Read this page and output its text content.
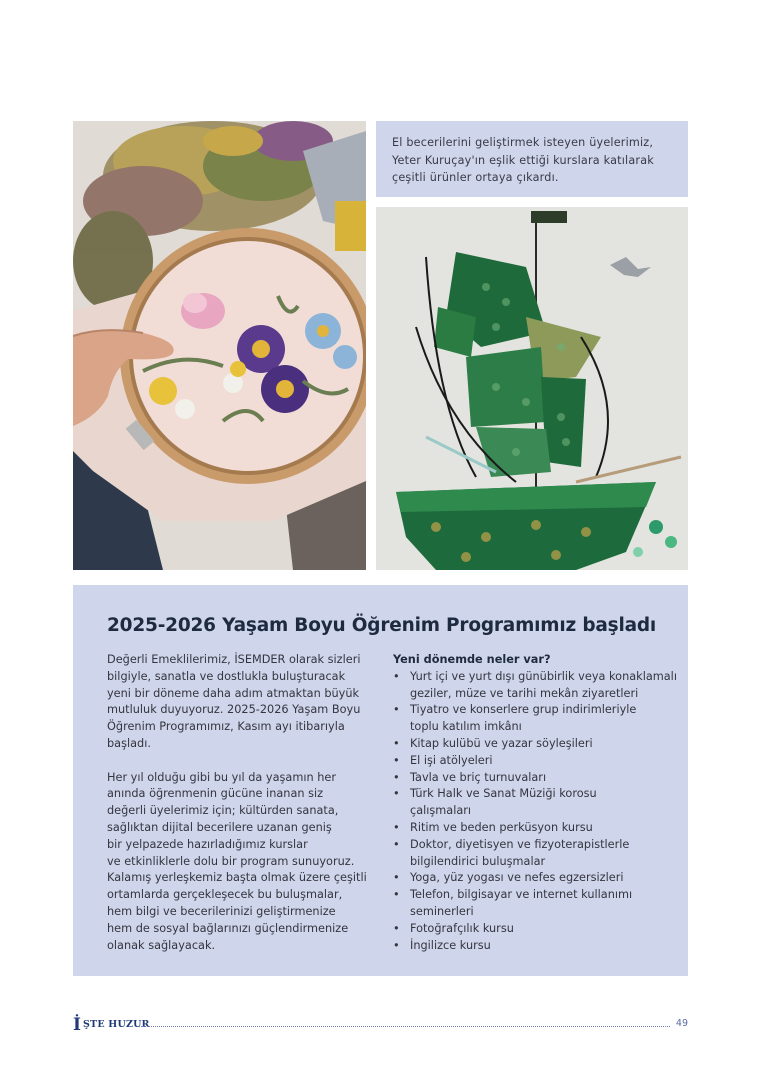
El becerilerini geliştirmek isteyen üyelerimiz, Yeter Kuruçay'ın eşlik ettiği kurslara katılarak çeşitli ürünler ortaya çıkardı.
2025-2026 Yaşam Boyu Öğrenim Programımız başladı

Değerli Emeklilerimiz, İSEMDER olarak sizleri
bilgiyle, sanatla ve dostlukla buluşturacak
yeni bir döneme daha adım atmaktan büyük
mutluluk duyuyoruz. 2025-2026 Yaşam Boyu
Öğrenim Programımız, Kasım ayı itibarıyla
başladı.

Her yıl olduğu gibi bu yıl da yaşamın her
anında öğrenmenin gücüne inanan siz
değerli üyelerimiz için; kültürden sanata,
sağlıktan dijital becerilere uzanan geniş
bir yelpazede hazırladığımız kurslar
ve etkinliklerle dolu bir program sunuyoruz.
Kalamış yerleşkemiz başta olmak üzere çeşitli
ortamlarda gerçekleşecek bu buluşmalar,
hem bilgi ve becerilerinizi geliştirmenize
hem de sosyal bağlarınızı güçlendirmenize
olanak sağlayacak.

Yeni dönemde neler var?
• Yurt içi ve yurt dışı günübirlik veya konaklamalı
geziler, müze ve tarihi mekân ziyaretleri
• Tiyatro ve konserlere grup indirimleriyle
toplu katılım imkânı
• Kitap kulübü ve yazar söyleşileri
• El işi atölyeleri
• Tavla ve briç turnuvaları
• Türk Halk ve Sanat Müziği korosu
çalışmaları
• Ritim ve beden perküsyon kursu
• Doktor, diyetisyen ve fizyoterapistlerle
bilgilendirici buluşmalar
• Yoga, yüz yogası ve nefes egzersizleri
• Telefon, bilgisayar ve internet kullanımı
seminerleri
• Fotoğrafçılık kursu
• İngilizce kursu
İ ŞTE HUZUR	49
